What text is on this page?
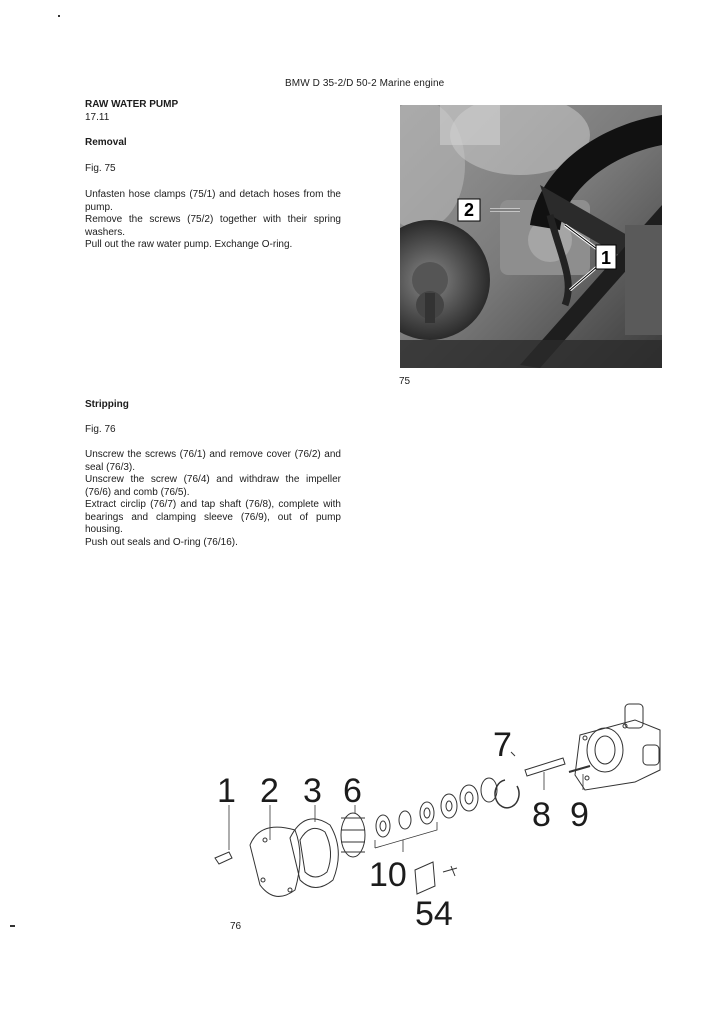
BMW D 35-2/D 50-2 Marine engine
RAW WATER PUMP
17.11
Removal
Fig. 75
Unfasten hose clamps (75/1) and detach hoses from the pump.
Remove the screws (75/2) together with their spring washers.
Pull out the raw water pump. Exchange O-ring.
2
1
75
Stripping
Fig. 76
Unscrew the screws (76/1) and remove cover (76/2) and seal (76/3).
Unscrew the screw (76/4) and withdraw the impeller (76/6) and comb (76/5).
Extract circlip (76/7) and tap shaft (76/8), complete with bearings and clamping sleeve (76/9), out of pump housing.
Push out seals and O-ring (76/16).
1 2 3 6
7
8 9
10
54
76
